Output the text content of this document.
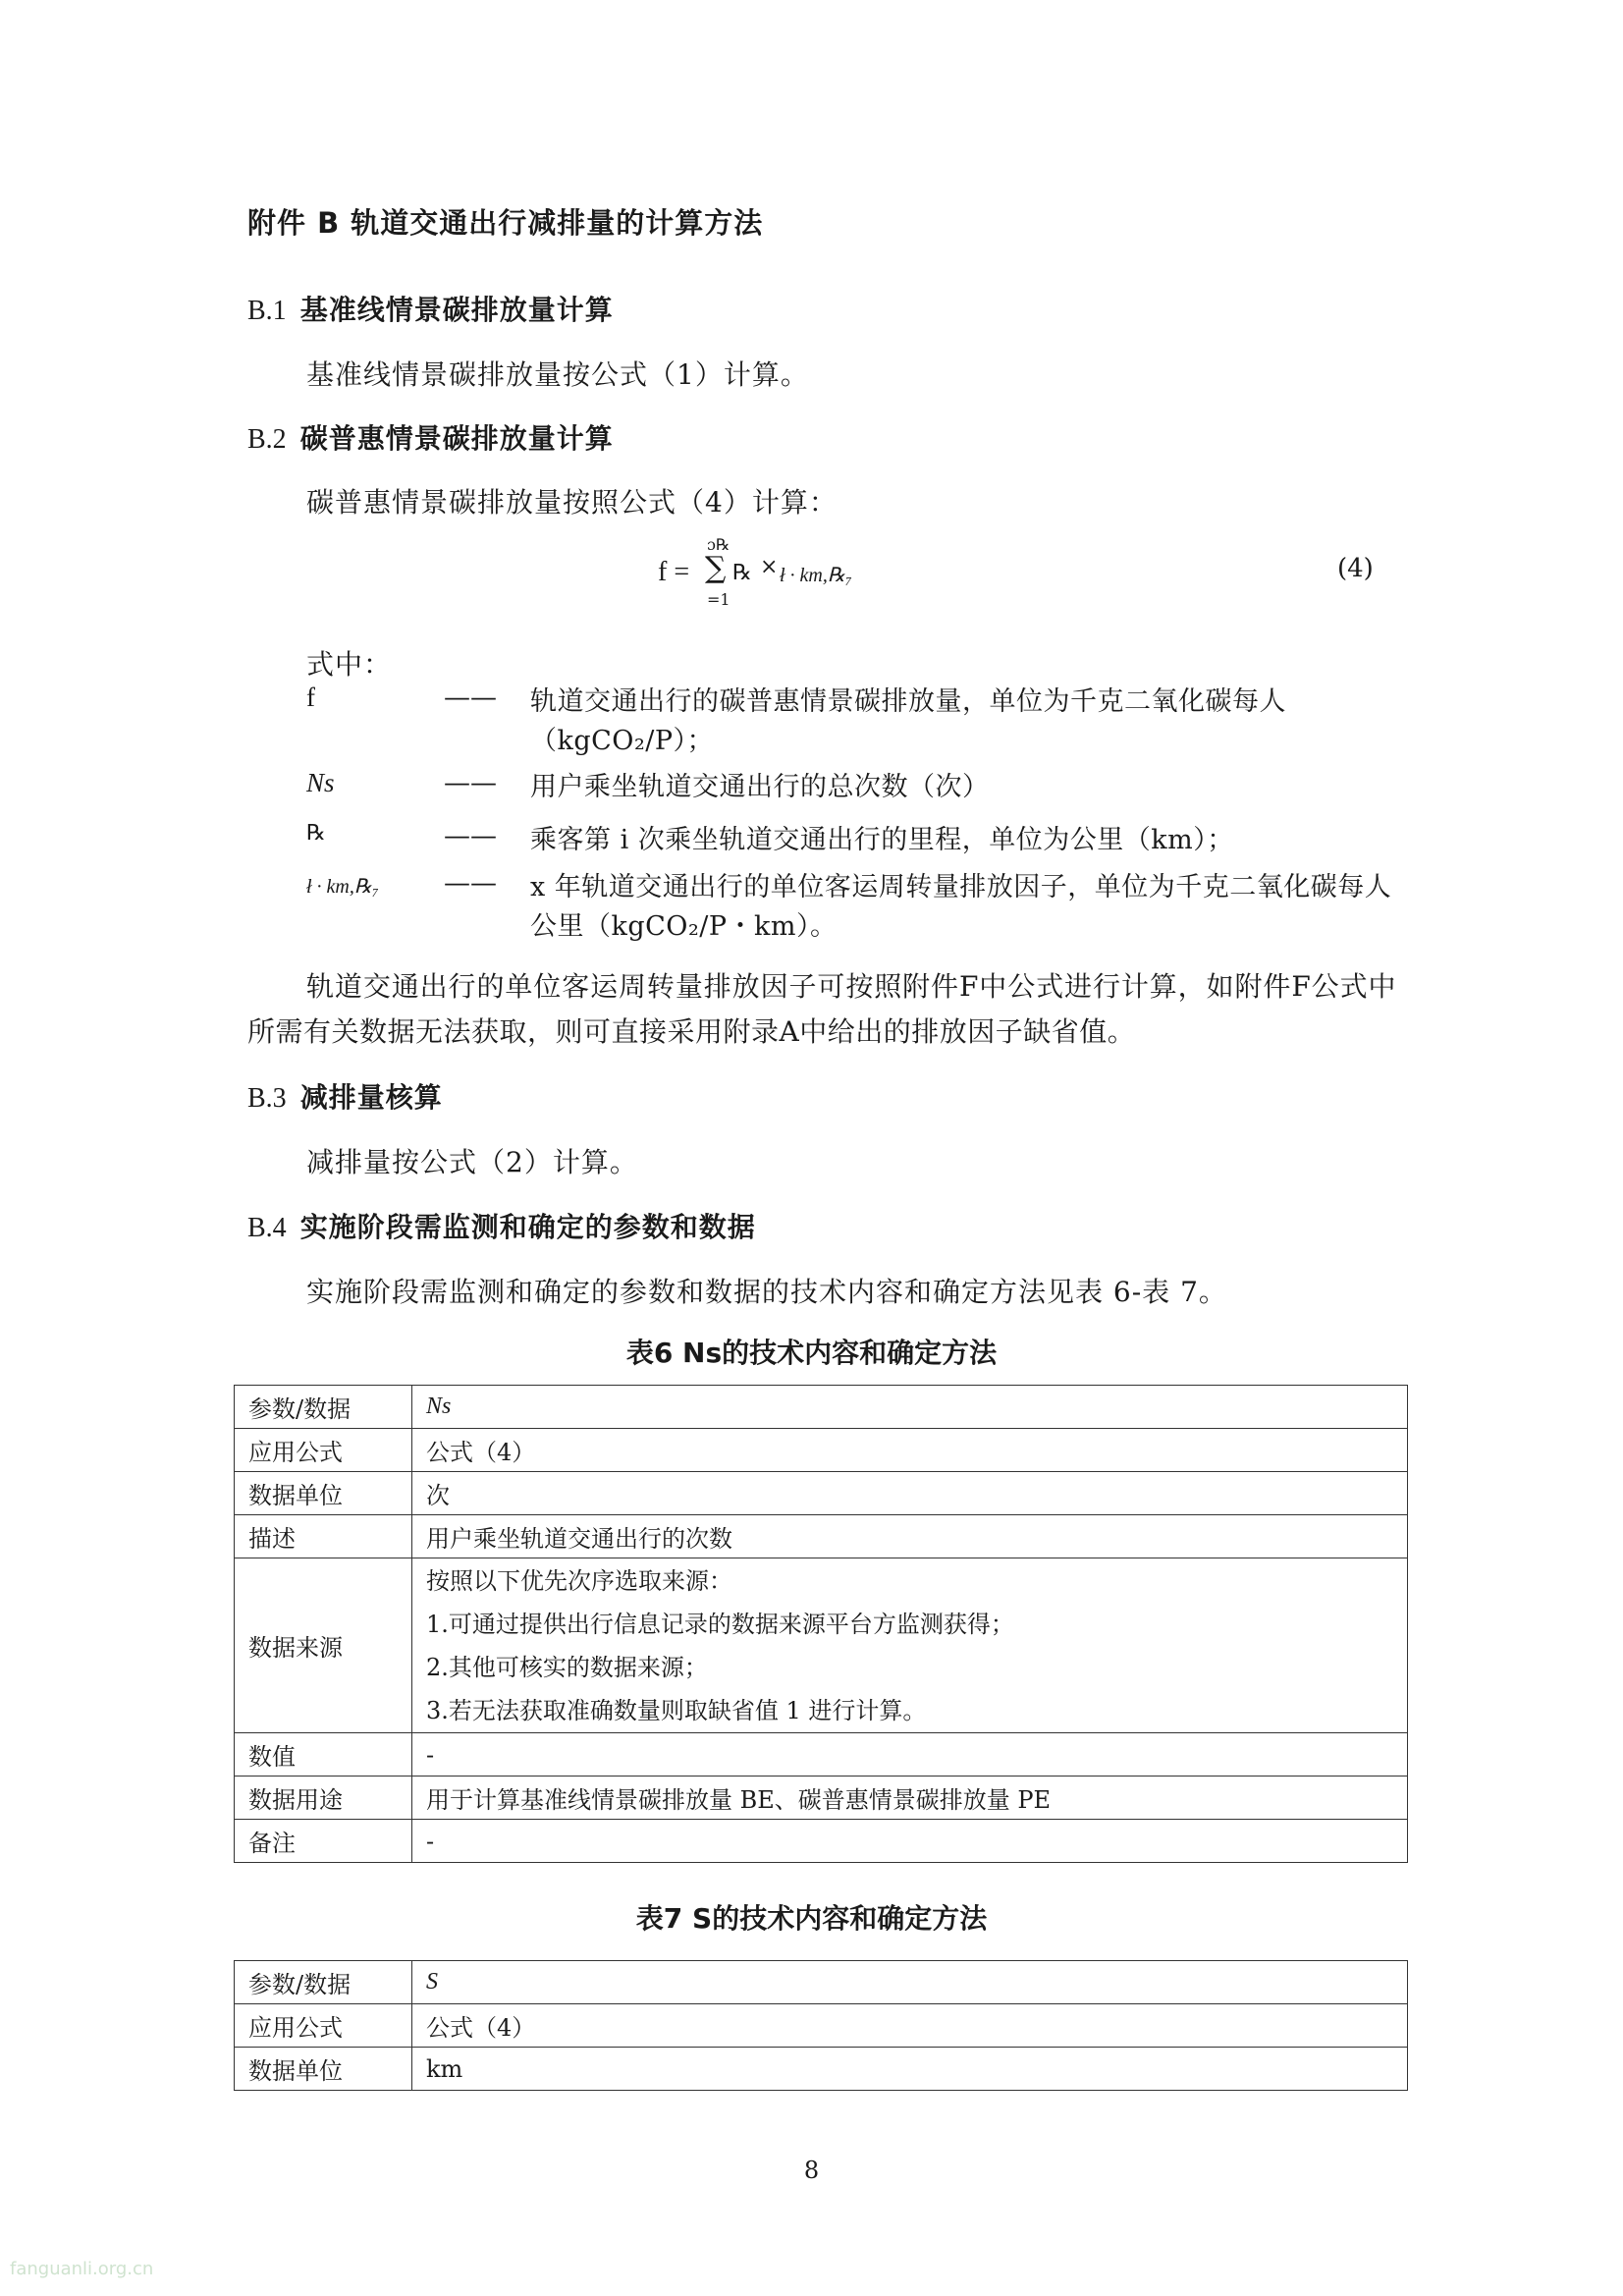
附件 B 轨道交通出行减排量的计算方法
B.1 基准线情景碳排放量计算
基准线情景碳排放量按公式（1）计算。
B.2 碳普惠情景碳排放量计算
碳普惠情景碳排放量按照公式（4）计算：
f =
ɔ℞
∑
=1
℞ × ł · km,℞₇	(4)
式中：
f	—— 轨道交通出行的碳普惠情景碳排放量，单位为千克二氧化碳每人（kgCO₂/P）；
Ns	—— 用户乘坐轨道交通出行的总次数（次）
℞	—— 乘客第 i 次乘坐轨道交通出行的里程，单位为公里（km）；
ł · km,℞₇	—— x 年轨道交通出行的单位客运周转量排放因子，单位为千克二氧化碳每人公里（kgCO₂/P・km）。
轨道交通出行的单位客运周转量排放因子可按照附件F中公式进行计算，如附件F公式中所需有关数据无法获取，则可直接采用附录A中给出的排放因子缺省值。
B.3 减排量核算
减排量按公式（2）计算。
B.4 实施阶段需监测和确定的参数和数据
实施阶段需监测和确定的参数和数据的技术内容和确定方法见表 6-表 7。
表6 Ns的技术内容和确定方法
参数/数据	Ns
应用公式	公式（4）
数据单位	次
描述	用户乘坐轨道交通出行的次数
数据来源	按照以下优先次序选取来源：
1.可通过提供出行信息记录的数据来源平台方监测获得；
2.其他可核实的数据来源；
3.若无法获取准确数量则取缺省值 1 进行计算。

数值	-
数据用途	用于计算基准线情景碳排放量 BE、碳普惠情景碳排放量 PE
备注	-
表7 S的技术内容和确定方法
参数/数据	S
应用公式	公式（4）
数据单位	km
8
fanguanli.org.cn
